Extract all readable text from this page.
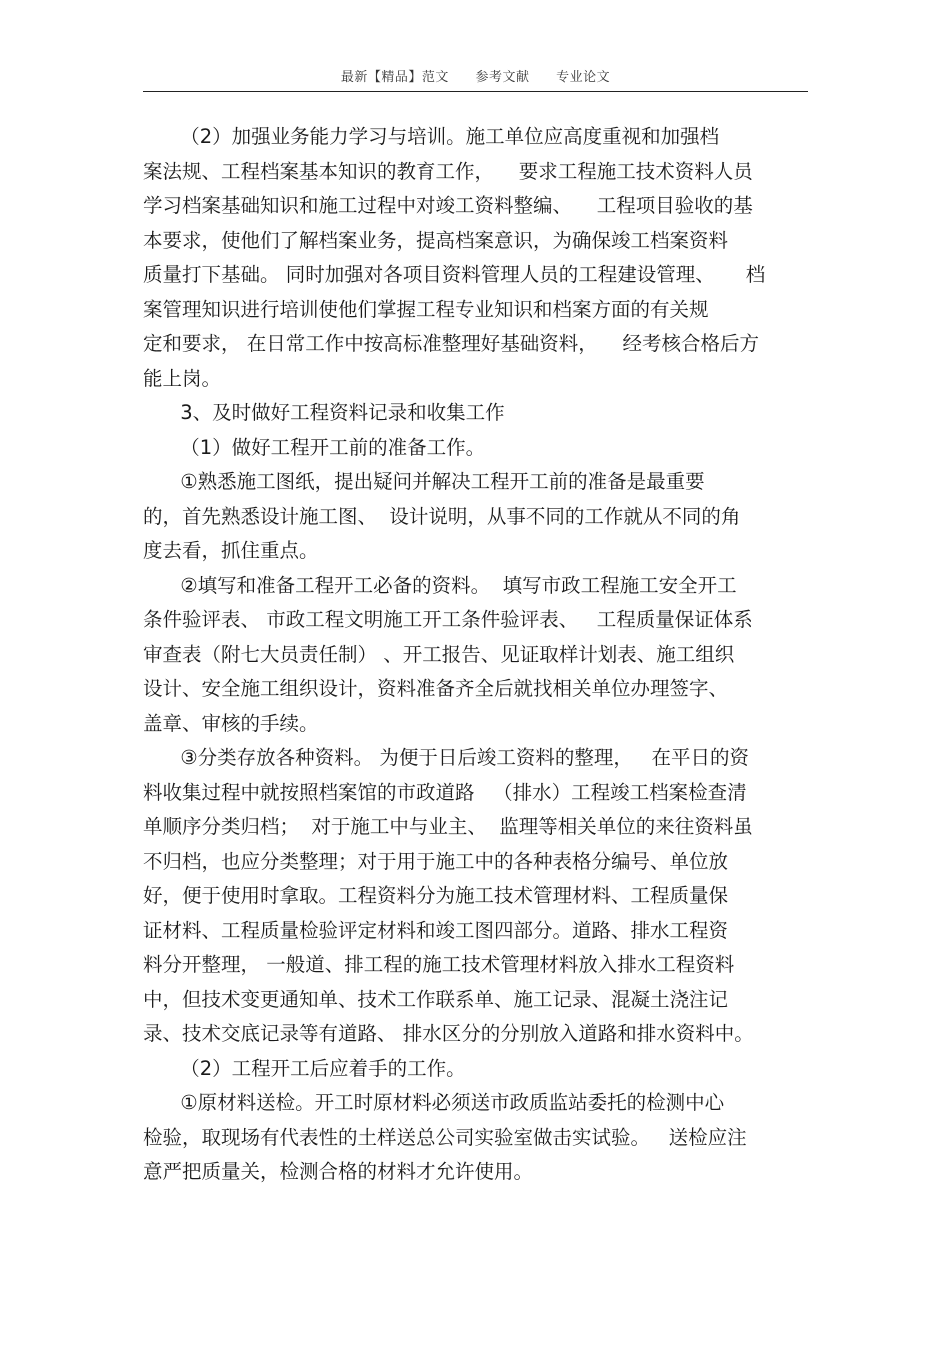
最新【精品】范文 参考文献 专业论文
（2）加强业务能力学习与培训。施工单位应高度重视和加强档
案法规、工程档案基本知识的教育工作，    要求工程施工技术资料人员
学习档案基础知识和施工过程中对竣工资料整编、    工程项目验收的基
本要求，使他们了解档案业务，提高档案意识，为确保竣工档案资料
质量打下基础。 同时加强对各项目资料管理人员的工程建设管理、     档
案管理知识进行培训使他们掌握工程专业知识和档案方面的有关规
定和要求， 在日常工作中按高标准整理好基础资料，    经考核合格后方
能上岗。
3、及时做好工程资料记录和收集工作
（1）做好工程开工前的准备工作。
①熟悉施工图纸，提出疑问并解决工程开工前的准备是最重要
的，首先熟悉设计施工图、  设计说明，从事不同的工作就从不同的角
度去看，抓住重点。
②填写和准备工程开工必备的资料。  填写市政工程施工安全开工
条件验评表、 市政工程文明施工开工条件验评表、   工程质量保证体系
审查表（附七大员责任制） 、开工报告、见证取样计划表、施工组织
设计、安全施工组织设计，资料准备齐全后就找相关单位办理签字、
盖章、审核的手续。
③分类存放各种资料。 为便于日后竣工资料的整理，   在平日的资
料收集过程中就按照档案馆的市政道路   （排水）工程竣工档案检查清
单顺序分类归档；  对于施工中与业主、  监理等相关单位的来往资料虽
不归档，也应分类整理；对于用于施工中的各种表格分编号、单位放
好，便于使用时拿取。工程资料分为施工技术管理材料、工程质量保
证材料、工程质量检验评定材料和竣工图四部分。道路、排水工程资
料分开整理， 一般道、排工程的施工技术管理材料放入排水工程资料
中，但技术变更通知单、技术工作联系单、施工记录、混凝土浇注记
录、技术交底记录等有道路、 排水区分的分别放入道路和排水资料中。
（2）工程开工后应着手的工作。
①原材料送检。开工时原材料必须送市政质监站委托的检测中心
检验，取现场有代表性的土样送总公司实验室做击实试验。   送检应注
意严把质量关，检测合格的材料才允许使用。
